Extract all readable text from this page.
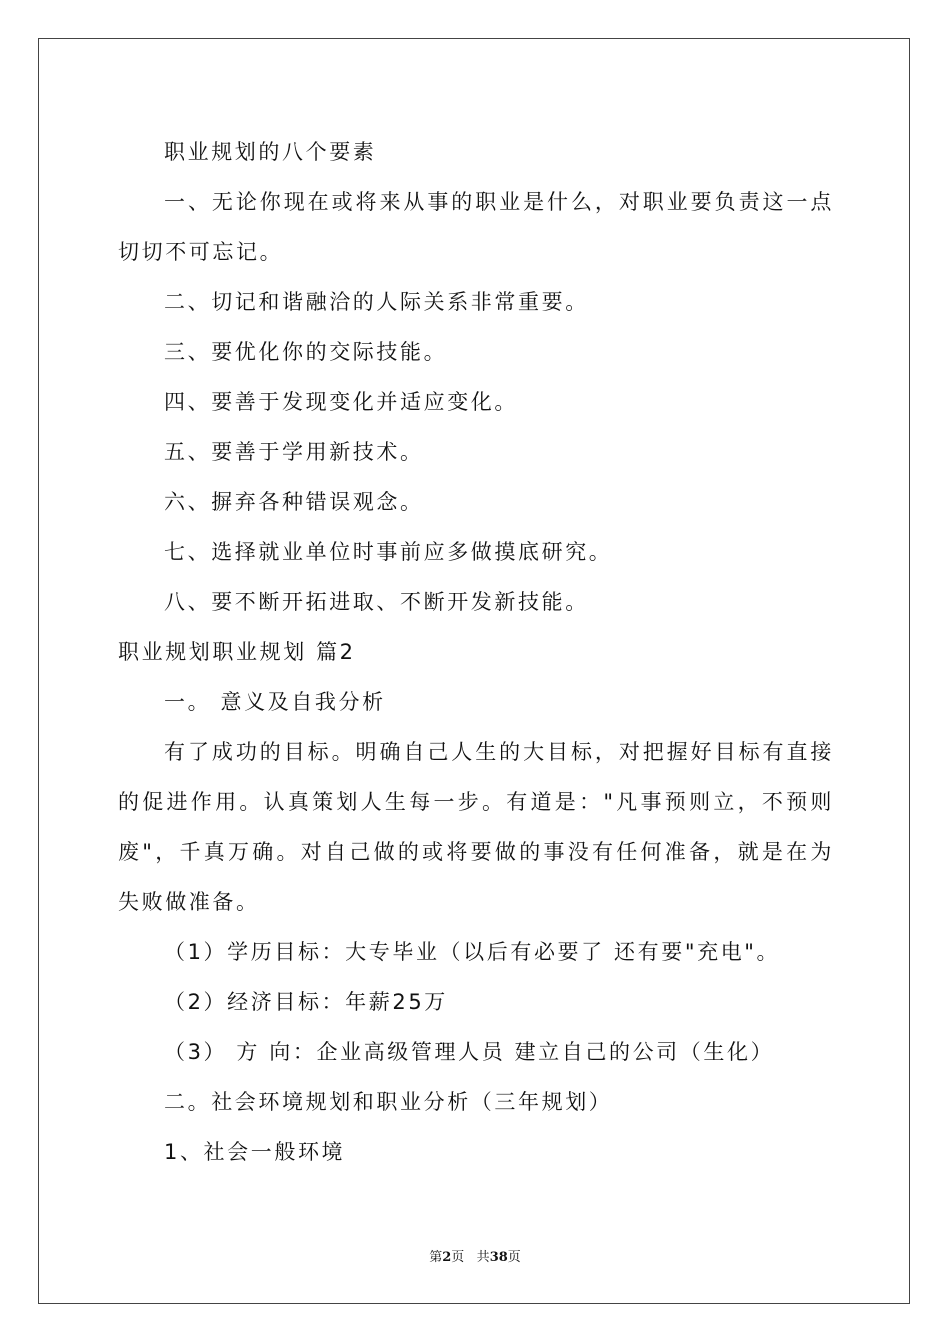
职业规划的八个要素

一、无论你现在或将来从事的职业是什么，对职业要负责这一点切切不可忘记。

二、切记和谐融洽的人际关系非常重要。

三、要优化你的交际技能。

四、要善于发现变化并适应变化。

五、要善于学用新技术。

六、摒弃各种错误观念。

七、选择就业单位时事前应多做摸底研究。

八、要不断开拓进取、不断开发新技能。

职业规划职业规划 篇2

一。 意义及自我分析

有了成功的目标。明确自己人生的大目标，对把握好目标有直接的促进作用。认真策划人生每一步。有道是："凡事预则立，不预则废"，千真万确。对自己做的或将要做的事没有任何准备，就是在为失败做准备。

（1）学历目标：大专毕业（以后有必要了 还有要"充电"。

（2）经济目标：年薪25万

（3） 方 向：企业高级管理人员 建立自己的公司（生化）

二。社会环境规划和职业分析（三年规划）

1、社会一般环境

第2页 共38页
